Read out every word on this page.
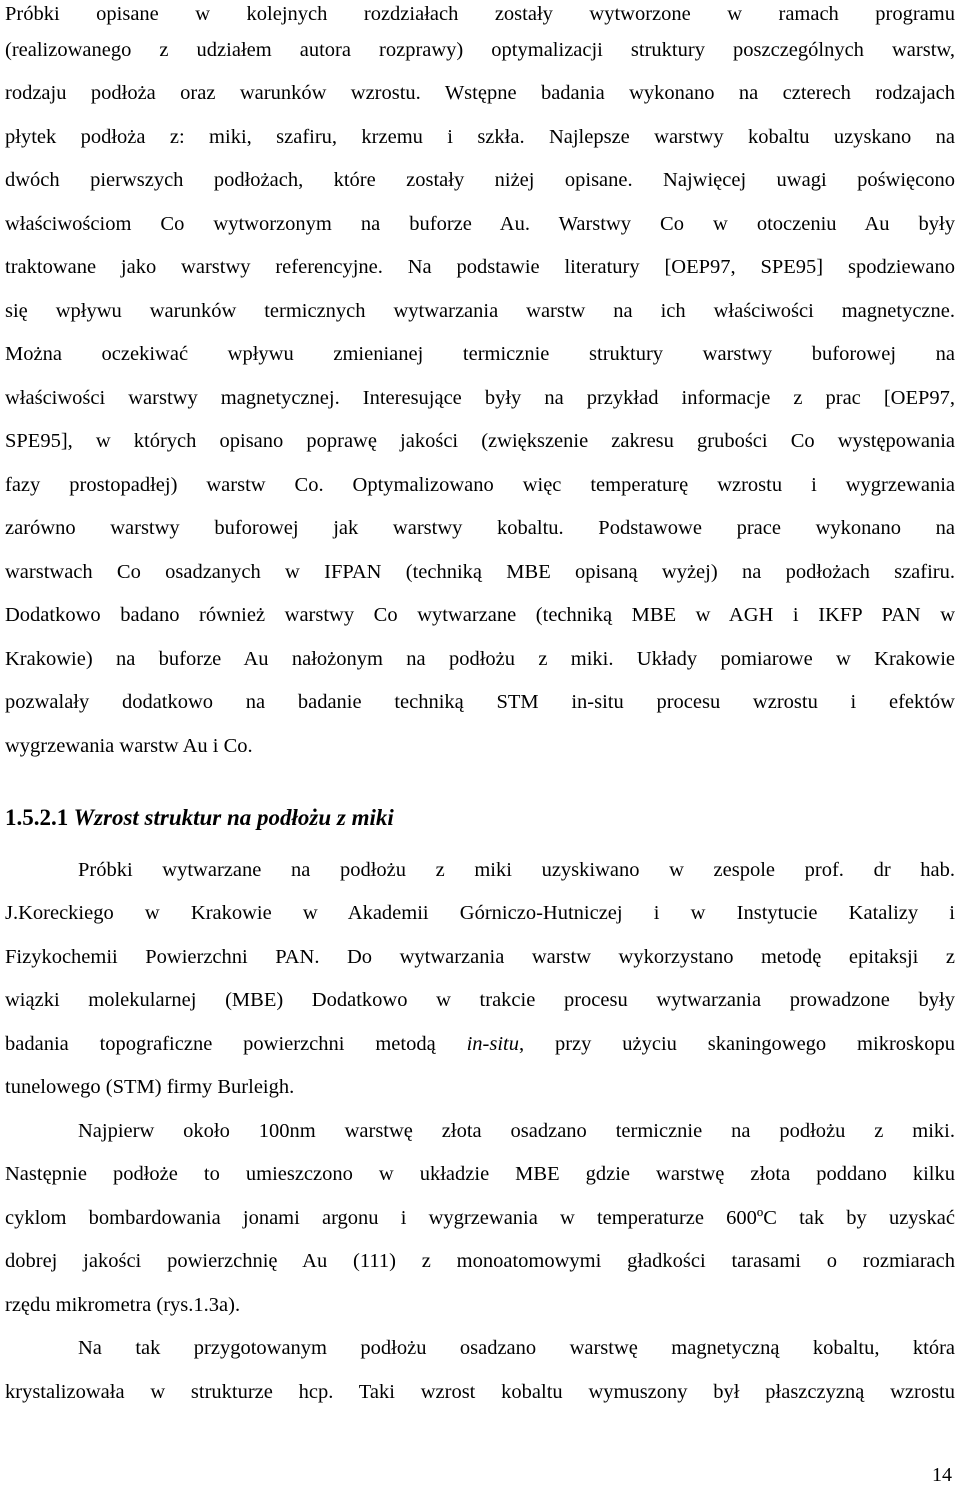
Próbki opisane w kolejnych rozdziałach zostały wytworzone w ramach programu
(realizowanego z udziałem autora rozprawy) optymalizacji struktury poszczególnych warstw,
rodzaju podłoża oraz warunków wzrostu. Wstępne badania wykonano na czterech rodzajach
płytek podłoża z: miki, szafiru, krzemu i szkła. Najlepsze warstwy kobaltu uzyskano na
dwóch pierwszych podłożach, które zostały niżej opisane. Najwięcej uwagi poświęcono
właściwościom Co wytworzonym na buforze Au. Warstwy Co w otoczeniu Au były
traktowane jako warstwy referencyjne. Na podstawie literatury [OEP97, SPE95] spodziewano
się wpływu warunków termicznych wytwarzania warstw na ich właściwości magnetyczne.
Można oczekiwać wpływu zmienianej termicznie struktury warstwy buforowej na
właściwości warstwy magnetycznej. Interesujące były na przykład informacje z prac [OEP97,
SPE95], w których opisano poprawę jakości (zwiększenie zakresu grubości Co występowania
fazy prostopadłej) warstw Co. Optymalizowano więc temperaturę wzrostu i wygrzewania
zarówno warstwy buforowej jak warstwy kobaltu. Podstawowe prace wykonano na
warstwach Co osadzanych w IFPAN (techniką MBE opisaną wyżej) na podłożach szafiru.
Dodatkowo badano również warstwy Co wytwarzane (techniką MBE w AGH i IKFP PAN w
Krakowie) na buforze Au nałożonym na podłożu z miki. Układy pomiarowe w Krakowie
pozwalały dodatkowo na badanie techniką STM in-situ procesu wzrostu i efektów
wygrzewania warstw Au i Co.
1.5.2.1 Wzrost struktur na podłożu z miki
Próbki wytwarzane na podłożu z miki uzyskiwano w zespole prof. dr hab.
J.Koreckiego w Krakowie w Akademii Górniczo-Hutniczej i w Instytucie Katalizy i
Fizykochemii Powierzchni PAN. Do wytwarzania warstw wykorzystano metodę epitaksji z
wiązki molekularnej (MBE) Dodatkowo w trakcie procesu wytwarzania prowadzone były
badania topograficzne powierzchni metodą in-situ, przy użyciu skaningowego mikroskopu
tunelowego (STM) firmy Burleigh.
Najpierw około 100nm warstwę złota osadzano termicznie na podłożu z miki.
Następnie podłoże to umieszczono w układzie MBE gdzie warstwę złota poddano kilku
cyklom bombardowania jonami argonu i wygrzewania w temperaturze 600ºC tak by uzyskać
dobrej jakości powierzchnię Au (111) z monoatomowymi gładkości tarasami o rozmiarach
rzędu mikrometra (rys.1.3a).
Na tak przygotowanym podłożu osadzano warstwę magnetyczną kobaltu, która
krystalizowała w strukturze hcp. Taki wzrost kobaltu wymuszony był płaszczyzną wzrostu
14
